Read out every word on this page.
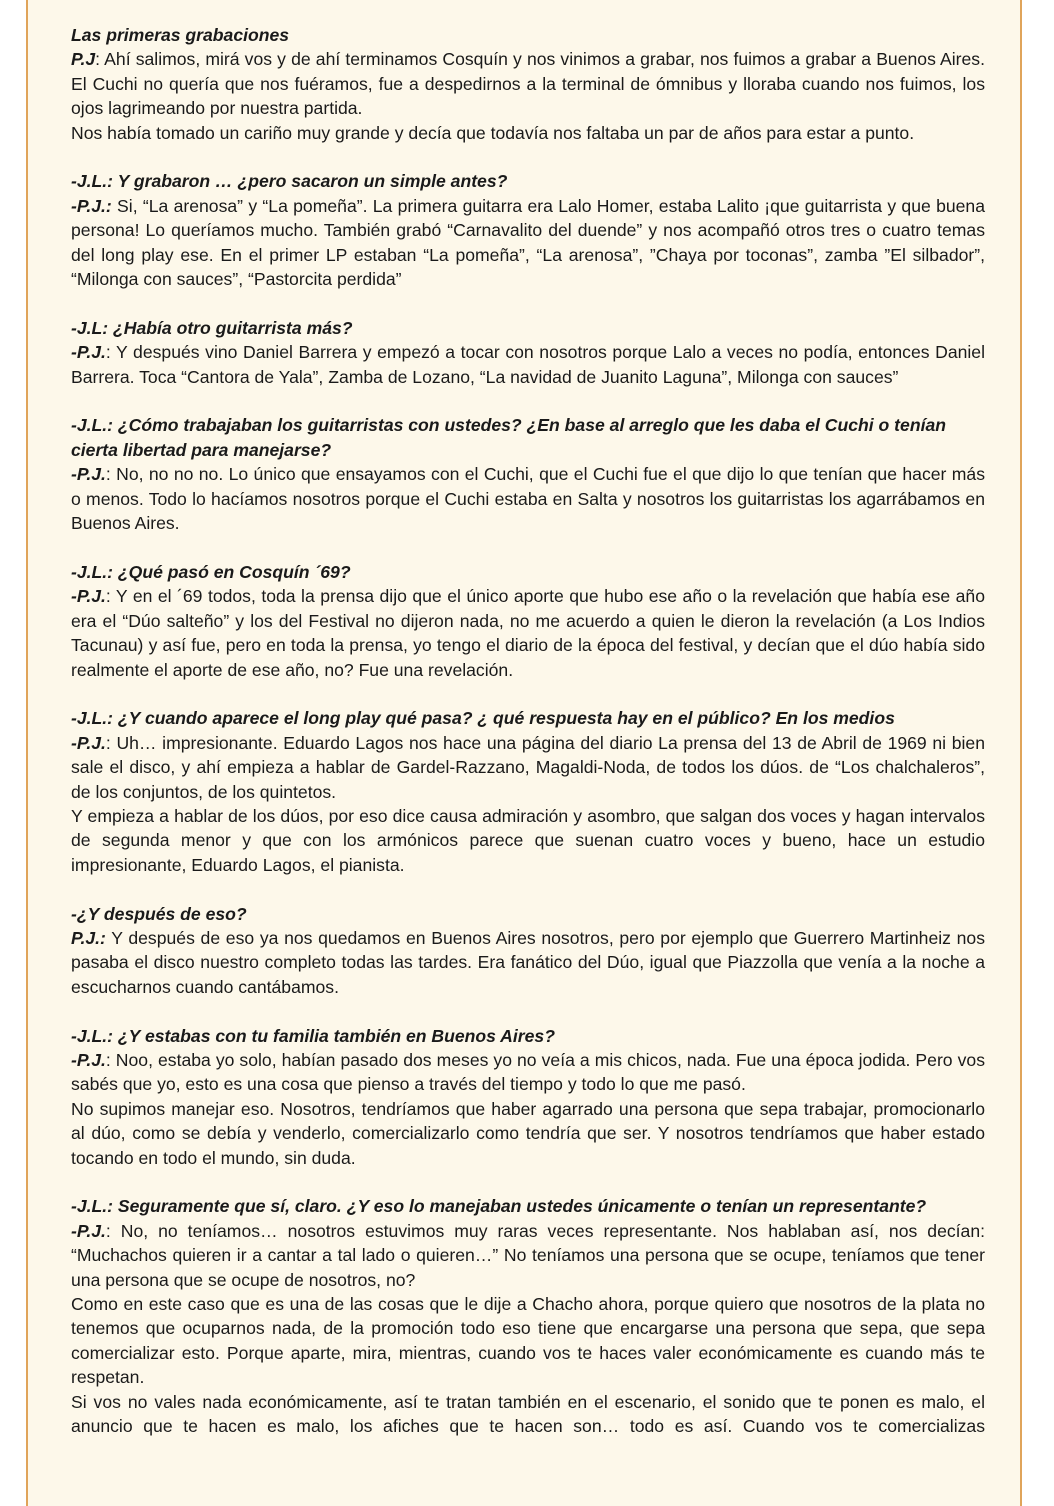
Las primeras grabaciones

P.J: Ahí salimos, mirá vos y de ahí terminamos Cosquín y nos vinimos a grabar, nos fuimos a grabar a Buenos Aires. El Cuchi no quería que nos fuéramos, fue a despedirnos a la terminal de ómnibus y lloraba cuando nos fuimos, los ojos lagrimeando por nuestra partida.

Nos había tomado un cariño muy grande y decía que todavía nos faltaba un par de años para estar a punto.

-J.L.: Y grabaron … ¿pero sacaron un simple antes?

-P.J.: Si, “La arenosa” y “La pomeña”. La primera guitarra era Lalo Homer, estaba Lalito ¡que guitarrista y que buena persona! Lo queríamos mucho. También grabó “Carnavalito del duende” y nos acompañó otros tres o cuatro temas del long play ese. En el primer LP estaban “La pomeña”, “La arenosa”, ”Chaya por toconas”, zamba ”El silbador”, “Milonga con sauces”, “Pastorcita perdida”

-J.L: ¿Había otro guitarrista más?

-P.J.: Y después vino Daniel Barrera y empezó a tocar con nosotros porque Lalo a veces no podía, entonces Daniel Barrera. Toca “Cantora de Yala”, Zamba de Lozano, “La navidad de Juanito Laguna”, Milonga con sauces”

-J.L.: ¿Cómo trabajaban los guitarristas con ustedes? ¿En base al arreglo que les daba el Cuchi o tenían cierta libertad para manejarse?

-P.J.: No, no no no. Lo único que ensayamos con el Cuchi, que el Cuchi fue el que dijo lo que tenían que hacer más o menos. Todo lo hacíamos nosotros porque el Cuchi estaba en Salta y nosotros los guitarristas los agarrábamos en Buenos Aires.

-J.L.: ¿Qué pasó en Cosquín ´69?

-P.J.: Y en el ´69 todos, toda la prensa dijo que el único aporte que hubo ese año o la revelación que había ese año era el “Dúo salteño” y los del Festival no dijeron nada, no me acuerdo a quien le dieron la revelación (a Los Indios Tacunau) y así fue, pero en toda la prensa, yo tengo el diario de la época del festival, y decían que el dúo había sido realmente el aporte de ese año, no? Fue una revelación.

-J.L.: ¿Y cuando aparece el long play qué pasa? ¿ qué respuesta hay en el público? En los medios

-P.J.: Uh… impresionante. Eduardo Lagos nos hace una página del diario La prensa del 13 de Abril de 1969 ni bien sale el disco, y ahí empieza a hablar de Gardel-Razzano, Magaldi-Noda, de todos los dúos. de “Los chalchaleros”, de los conjuntos, de los quintetos.

Y empieza a hablar de los dúos, por eso dice causa admiración y asombro, que salgan dos voces y hagan intervalos de segunda menor y que con los armónicos parece que suenan cuatro voces y bueno, hace un estudio impresionante, Eduardo Lagos, el pianista.

-¿Y después de eso?

P.J.: Y después de eso ya nos quedamos en Buenos Aires nosotros, pero por ejemplo que Guerrero Martinheiz nos pasaba el disco nuestro completo todas las tardes. Era fanático del Dúo, igual que Piazzolla que venía a la noche a escucharnos cuando cantábamos.

-J.L.: ¿Y estabas con tu familia también en Buenos Aires?

-P.J.: Noo, estaba yo solo, habían pasado dos meses yo no veía a mis chicos, nada. Fue una época jodida. Pero vos sabés que yo, esto es una cosa que pienso a través del tiempo y todo lo que me pasó.

No supimos manejar eso. Nosotros, tendríamos que haber agarrado una persona que sepa trabajar, promocionarlo al dúo, como se debía y venderlo, comercializarlo como tendría que ser. Y nosotros tendríamos que haber estado tocando en todo el mundo, sin duda.

-J.L.: Seguramente que sí, claro. ¿Y eso lo manejaban ustedes únicamente o tenían un representante?

-P.J.: No, no teníamos… nosotros estuvimos muy raras veces representante. Nos hablaban así, nos decían: “Muchachos quieren ir a cantar a tal lado o quieren…” No teníamos una persona que se ocupe, teníamos que tener una persona que se ocupe de nosotros, no?

Como en este caso que es una de las cosas que le dije a Chacho ahora, porque quiero que nosotros de la plata no tenemos que ocuparnos nada, de la promoción todo eso tiene que encargarse una persona que sepa, que sepa comercializar esto. Porque aparte, mira, mientras, cuando vos te haces valer económicamente es cuando más te respetan.

Si vos no vales nada económicamente, así te tratan también en el escenario, el sonido que te ponen es malo, el anuncio que te hacen es malo, los afiches que te hacen son… todo es así. Cuando vos te comercializas
